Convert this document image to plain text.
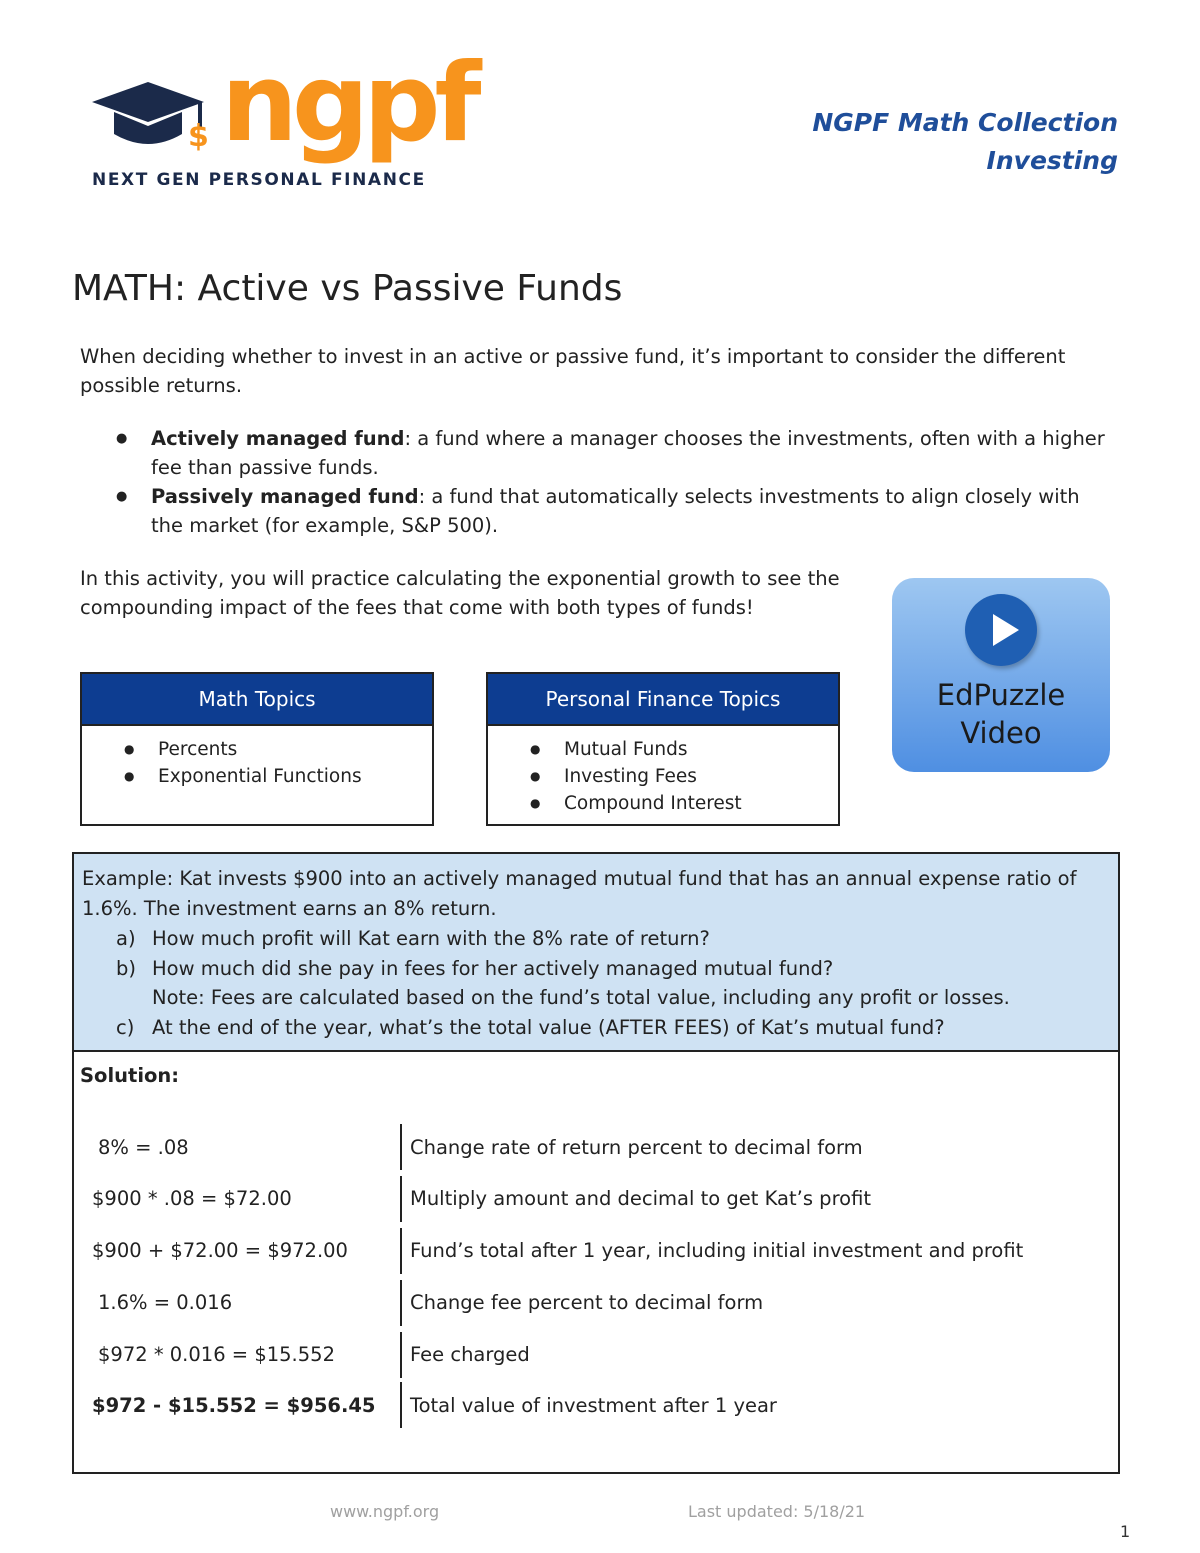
$ ngpf
NEXT GEN PERSONAL FINANCE
NGPF Math Collection
Investing
MATH: Active vs Passive Funds
When deciding whether to invest in an active or passive fund, it’s important to consider the different possible returns.
● Actively managed fund: a fund where a manager chooses the investments, often with a higher fee than passive funds.
● Passively managed fund: a fund that automatically selects investments to align closely with the market (for example, S&P 500).
In this activity, you will practice calculating the exponential growth to see the compounding impact of the fees that come with both types of funds!
Math Topics
● Percents
● Exponential Functions
Personal Finance Topics
● Mutual Funds
● Investing Fees
● Compound Interest
EdPuzzle
Video
Example: Kat invests $900 into an actively managed mutual fund that has an annual expense ratio of 1.6%. The investment earns an 8% return.
a) How much profit will Kat earn with the 8% rate of return?
b) How much did she pay in fees for her actively managed mutual fund?
Note: Fees are calculated based on the fund’s total value, including any profit or losses.
c) At the end of the year, what’s the total value (AFTER FEES) of Kat’s mutual fund?
Solution:
8% = .08	Change rate of return percent to decimal form
$900 * .08 = $72.00	Multiply amount and decimal to get Kat’s profit
$900 + $72.00 = $972.00	Fund’s total after 1 year, including initial investment and profit
1.6% = 0.016	Change fee percent to decimal form
$972 * 0.016 = $15.552	Fee charged
$972 - $15.552 = $956.45 Total value of investment after 1 year
www.ngpf.org	Last updated: 5/18/21
1
